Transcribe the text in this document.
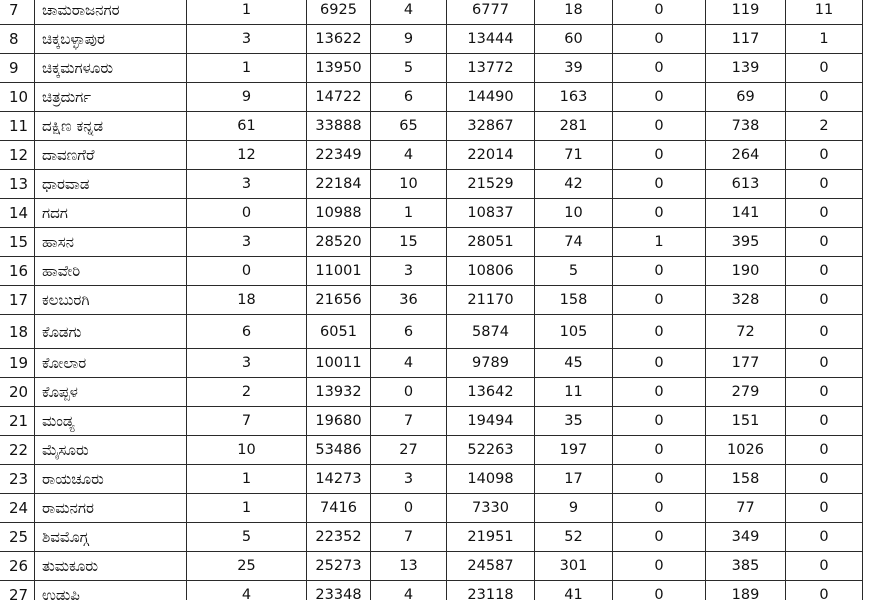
7	ಚಾಮರಾಜನಗರ	1	6925	4	6777	18	0	119	11
8	ಚಿಕ್ಕಬಳ್ಳಾಪುರ	3	13622	9	13444	60	0	117	1
9	ಚಿಕ್ಕಮಗಳೂರು	1	13950	5	13772	39	0	139	0
10 ಚಿತ್ರದುರ್ಗ	9	14722	6	14490	163	0	69	0
11 ದಕ್ಷಿಣ ಕನ್ನಡ	61	33888	65	32867	281	0	738	2
12 ದಾವಣಗೆರೆ	12	22349	4	22014	71	0	264	0
13 ಧಾರವಾಡ	3	22184	10	21529	42	0	613	0
14 ಗದಗ	0	10988	1	10837	10	0	141	0
15 ಹಾಸನ	3	28520	15	28051	74	1	395	0
16 ಹಾವೇರಿ	0	11001	3	10806	5	0	190	0
17 ಕಲಬುರಗಿ	18	21656	36	21170	158	0	328	0
18 ಕೊಡಗು	6	6051	6	5874	105	0	72	0
19 ಕೋಲಾರ	3	10011	4	9789	45	0	177	0
20 ಕೊಪ್ಪಳ	2	13932	0	13642	11	0	279	0
21 ಮಂಡ್ಯ	7	19680	7	19494	35	0	151	0
22 ಮೈಸೂರು	10	53486	27	52263	197	0	1026	0
23 ರಾಯಚೂರು	1	14273	3	14098	17	0	158	0
24 ರಾಮನಗರ	1	7416	0	7330	9	0	77	0
25 ಶಿವಮೊಗ್ಗ	5	22352	7	21951	52	0	349	0
26 ತುಮಕೂರು	25	25273	13	24587	301	0	385	0
27 ಉಡುಪಿ	4	23348	4	23118	41	0	189	0
